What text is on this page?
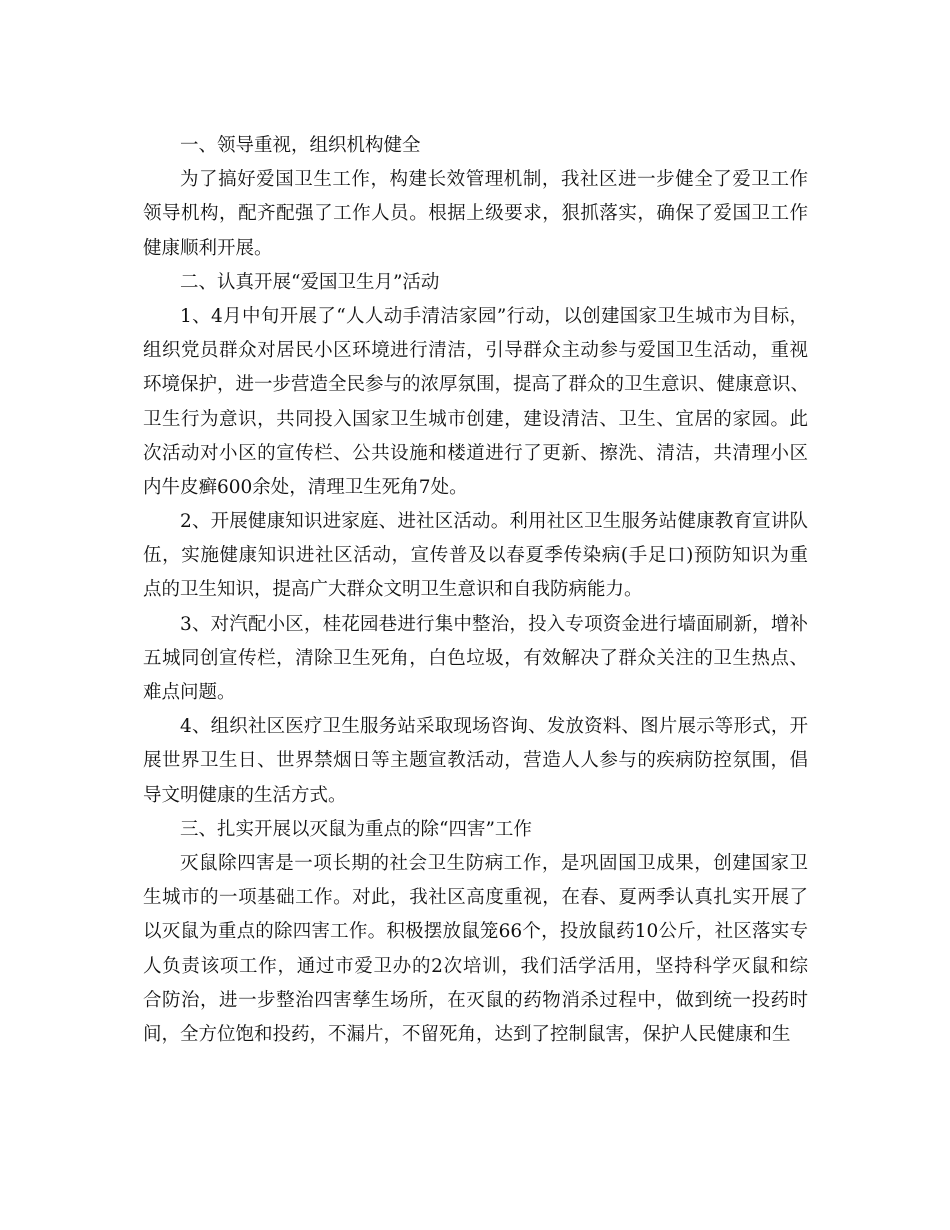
一、领导重视，组织机构健全
为了搞好爱国卫生工作，构建长效管理机制，我社区进一步健全了爱卫工作
领导机构，配齐配强了工作人员。根据上级要求，狠抓落实，确保了爱国卫工作
健康顺利开展。
二、认真开展“爱国卫生月”活动
1、4月中旬开展了“人人动手清洁家园”行动，以创建国家卫生城市为目标，
组织党员群众对居民小区环境进行清洁，引导群众主动参与爱国卫生活动，重视
环境保护，进一步营造全民参与的浓厚氛围，提高了群众的卫生意识、健康意识、
卫生行为意识，共同投入国家卫生城市创建，建设清洁、卫生、宜居的家园。此
次活动对小区的宣传栏、公共设施和楼道进行了更新、擦洗、清洁，共清理小区
内牛皮癣600余处，清理卫生死角7处。
2、开展健康知识进家庭、进社区活动。利用社区卫生服务站健康教育宣讲队
伍，实施健康知识进社区活动，宣传普及以春夏季传染病(手足口)预防知识为重
点的卫生知识，提高广大群众文明卫生意识和自我防病能力。
3、对汽配小区，桂花园巷进行集中整治，投入专项资金进行墙面刷新，增补
五城同创宣传栏，清除卫生死角，白色垃圾，有效解决了群众关注的卫生热点、
难点问题。
4、组织社区医疗卫生服务站采取现场咨询、发放资料、图片展示等形式，开
展世界卫生日、世界禁烟日等主题宣教活动，营造人人参与的疾病防控氛围，倡
导文明健康的生活方式。
三、扎实开展以灭鼠为重点的除“四害”工作
灭鼠除四害是一项长期的社会卫生防病工作，是巩固国卫成果，创建国家卫
生城市的一项基础工作。对此，我社区高度重视，在春、夏两季认真扎实开展了
以灭鼠为重点的除四害工作。积极摆放鼠笼66个，投放鼠药10公斤，社区落实专
人负责该项工作，通过市爱卫办的2次培训，我们活学活用，坚持科学灭鼠和综
合防治，进一步整治四害孳生场所，在灭鼠的药物消杀过程中，做到统一投药时
间，全方位饱和投药，不漏片，不留死角，达到了控制鼠害，保护人民健康和生
